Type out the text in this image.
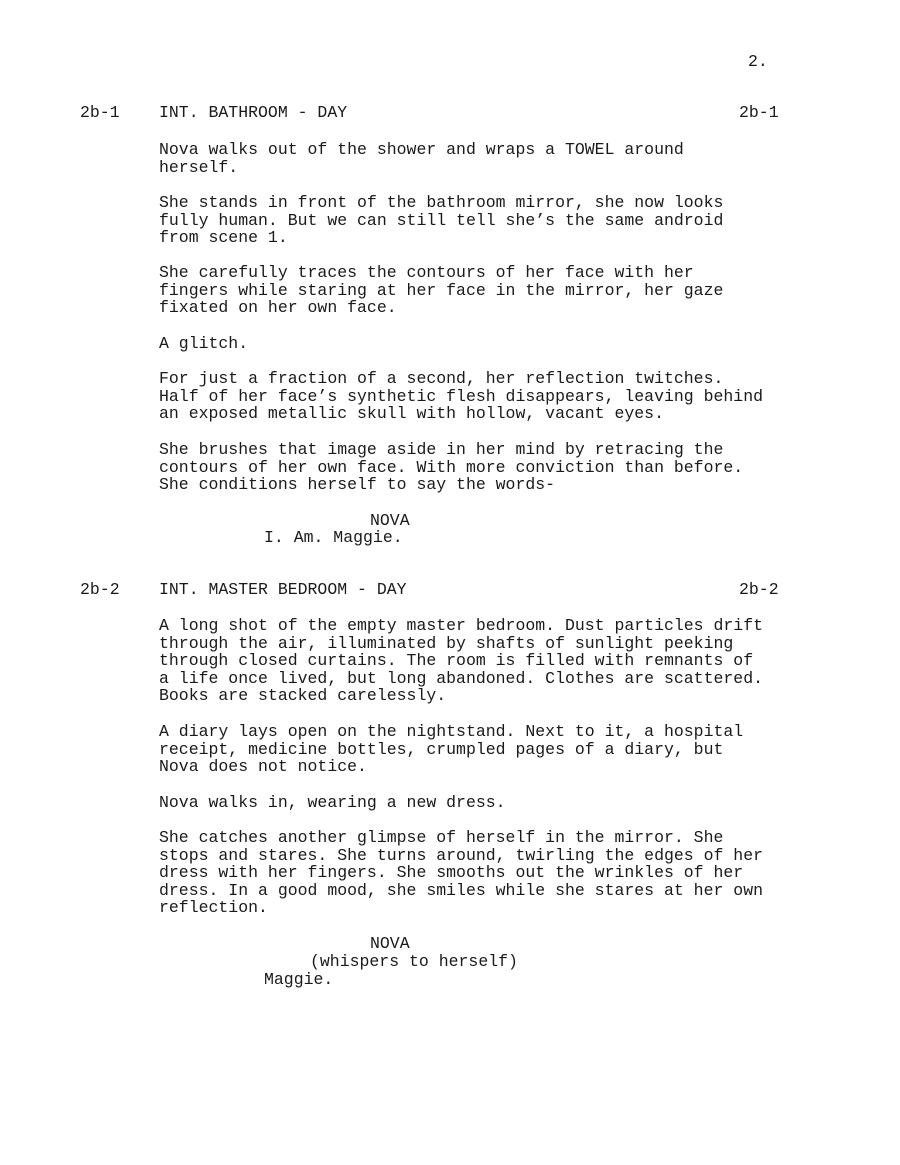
2.
2b-1 INT. BATHROOM - DAY	2b-1

Nova walks out of the shower and wraps a TOWEL around
herself.

She stands in front of the bathroom mirror, she now looks
fully human. But we can still tell she’s the same android
from scene 1.

She carefully traces the contours of her face with her
fingers while staring at her face in the mirror, her gaze
fixated on her own face.

A glitch.

For just a fraction of a second, her reflection twitches.
Half of her face’s synthetic flesh disappears, leaving behind
an exposed metallic skull with hollow, vacant eyes.

She brushes that image aside in her mind by retracing the
contours of her own face. With more conviction than before.
She conditions herself to say the words-

NOVA
I. Am. Maggie.
2b-2 INT. MASTER BEDROOM - DAY	2b-2

A long shot of the empty master bedroom. Dust particles drift
through the air, illuminated by shafts of sunlight peeking
through closed curtains. The room is filled with remnants of
a life once lived, but long abandoned. Clothes are scattered.
Books are stacked carelessly.

A diary lays open on the nightstand. Next to it, a hospital
receipt, medicine bottles, crumpled pages of a diary, but
Nova does not notice.

Nova walks in, wearing a new dress.

She catches another glimpse of herself in the mirror. She
stops and stares. She turns around, twirling the edges of her
dress with her fingers. She smooths out the wrinkles of her
dress. In a good mood, she smiles while she stares at her own
reflection.

NOVA
(whispers to herself)
Maggie.
